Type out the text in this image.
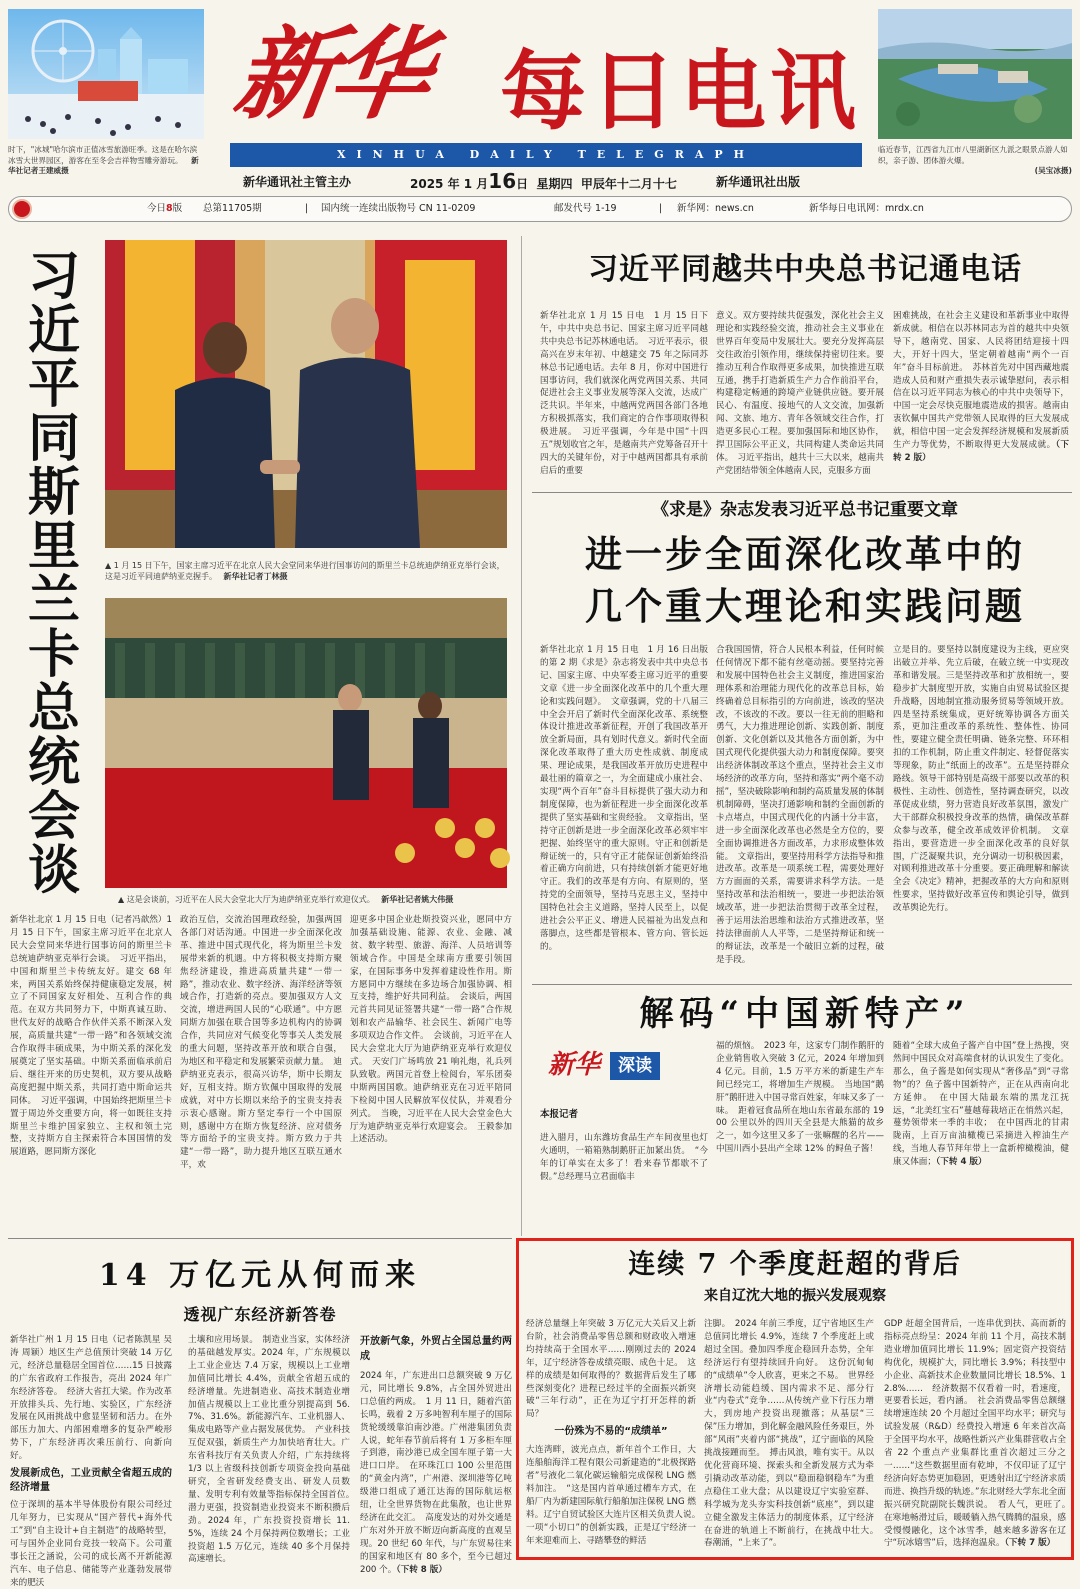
时下，"冰城"哈尔滨市正值冰雪旅游旺季。这是在哈尔滨冰雪大世界园区，游客在至冬会吉祥物雪雕旁游玩。 新华社记者王建威摄
新华 每日电讯
XINHUA DAILY TELEGRAPH	临近春节，江西省九江市八里湖新区九派之眼景点游人如织，亲子游、团体游火爆。
(吴宝冰摄)
新华通讯社主管主办	2025 年 1 月16日  星期四  甲辰年十二月十七	新华通讯社出版
今日8版 总第11705期	| 国内统一连续出版物号 CN 11-0209	邮发代号 1-19	| 新华网：news.cn	新华每日电讯网：mrdx.cn
习近平同斯里兰卡总统会谈
▲ 1 月 15 日下午，国家主席习近平在北京人民大会堂同来华进行国事访问的斯里兰卡总统迪萨纳亚克举行会谈，这是习近平同迪萨纳亚克握手。 新华社记者丁林摄
▲ 这是会谈前，习近平在人民大会堂北大厅为迪萨纳亚克举行欢迎仪式。 新华社记者姚大伟摄
新华社北京 1 月 15 日电（记者冯歆然）1 月 15 日下午，国家主席习近平在北京人民大会堂同来华进行国事访问的斯里兰卡总统迪萨纳亚克举行会谈。　习近平指出，中国和斯里兰卡传统友好。建交 68 年来，两国关系始终保持健康稳定发展，树立了不同国家友好相处、互利合作的典范。在双方共同努力下，中斯真诚互助、世代友好的战略合作伙伴关系不断深入发展，高质量共建“一带一路”和各领域交流合作取得丰硕成果，为中斯关系的深化发展奠定了坚实基础。中斯关系面临承前启后、继往开来的历史契机，双方要从战略高度把握中斯关系，共同打造中斯命运共同体。　习近平强调，中国始终把斯里兰卡置于周边外交重要方向，将一如既往支持斯里兰卡维护国家独立、主权和领土完整，支持斯方自主探索符合本国国情的发展道路，愿同斯方深化
政治互信，交流治国理政经验，加强两国各部门对话沟通。中国进一步全面深化改革、推进中国式现代化，将为斯里兰卡发展带来新的机遇。中方将积极支持斯方聚焦经济建设，推进高质量共建“一带一路”，推动农业、数字经济、海洋经济等领域合作，打造新的亮点。要加强双方人文交流，增进两国人民的“心联通”。中方愿同斯方加强在联合国等多边机构内的协调合作，共同应对气候变化等事关人类发展的重大问题，坚持改革开放和联合自强，为地区和平稳定和发展繁荣贡献力量。　迪萨纳亚克表示，很高兴访华，斯中长期友好，互相支持。斯方钦佩中国取得的发展成就，对中方长期以来给予的宝贵支持表示衷心感谢。斯方坚定奉行一个中国原则，感谢中方在斯方恢复经济、应对债务等方面给予的宝贵支持。斯方致力于共建“一带一路”，助力提升地区互联互通水平，欢
迎更多中国企业赴斯投资兴业，愿同中方加强基础设施、能源、农业、金融、减贫、数字转型、旅游、海洋、人员培训等领域合作。中国是全球南方重要引领国家，在国际事务中发挥着建设性作用。斯方愿同中方继续在多边场合加强协调、相互支持，维护好共同利益。　会谈后，两国元首共同见证签署共建“一带一路”合作规划和农产品输华、社会民生、新闻广电等多项双边合作文件。　会谈前，习近平在人民大会堂北大厅为迪萨纳亚克举行欢迎仪式。　天安门广场鸣放 21 响礼炮，礼兵列队致敬。两国元首登上检阅台，军乐团奏中斯两国国歌。迪萨纳亚克在习近平陪同下检阅中国人民解放军仪仗队，并观看分列式。　当晚，习近平在人民大会堂金色大厅为迪萨纳亚克举行欢迎宴会。　王毅参加上述活动。
习近平同越共中央总书记通电话
新华社北京 1 月 15 日电　1 月 15 日下午，中共中央总书记、国家主席习近平同越共中央总书记苏林通电话。　习近平表示，很高兴在岁末年初、中越建交 75 年之际同苏林总书记通电话。去年 8 月，你对中国进行国事访问，我们就深化两党两国关系、共同促进社会主义事业发展等深入交流，达成广泛共识。半年来，中越两党两国各部门各地方积极抓落实，我们商定的合作事项取得积极进展。　习近平强调，今年是中国“十四五”规划收官之年，是越南共产党筹备召开十四大的关键年份，对于中越两国都具有承前启后的重要
意义。双方要持续共促强发，深化社会主义理论和实践经验交流，推动社会主义事业在世界百年变局中发展壮大。要充分发挥高层交往政治引领作用，继续保持密切往来。要推动互利合作取得更多成果，加快推进互联互通，携手打造新质生产力合作前沿平台，构建稳定畅通的跨境产业链供应链。要开展民心、有温度、接地气的人文交流，加强新闻、文旅、地方、青年各领域交往合作，打造更多民心工程。要加强国际和地区协作，捍卫国际公平正义，共同构建人类命运共同体。　习近平指出，越共十三大以来，越南共产党团结带领全体越南人民，克服多方面
困难挑战，在社会主义建设和革新事业中取得新成就。相信在以苏林同志为首的越共中央领导下，越南党、国家、人民将团结迎接十四大，开好十四大，坚定朝着越南“两个一百年”奋斗目标前进。　苏林首先对中国西藏地震造成人员和财产重损失表示诚挚慰问，表示相信在以习近平同志为核心的中共中央领导下，中国一定会尽快克服地震造成的损害。越南由衷钦佩中国共产党带领人民取得的巨大发展成就，相信中国一定会发挥经济规模和发展新质生产力等优势，不断取得更大发展成就。（下转 2 版）
《求是》杂志发表习近平总书记重要文章
进一步全面深化改革中的
几个重大理论和实践问题
新华社北京 1 月 15 日电　1 月 16 日出版的第 2 期《求是》杂志将发表中共中央总书记、国家主席、中央军委主席习近平的重要文章《进一步全面深化改革中的几个重大理论和实践问题》。　文章强调，党的十八届三中全会开启了新时代全面深化改革、系统整体设计推进改革新征程，开创了我国改革开放全新局面，具有划时代意义。新时代全面深化改革取得了重大历史性成就、制度成果、理论成果，是我国改革开放历史进程中最壮丽的篇章之一，为全面建成小康社会、实现“两个百年”奋斗目标提供了强大动力和制度保障，也为新征程进一步全面深化改革提供了坚实基础和宝贵经验。　文章指出，坚持守正创新是进一步全面深化改革必须牢牢把握、始终坚守的重大原则。守正和创新是辩证统一的，只有守正才能保证创新始终沿着正确方向前进，只有持续创新才能更好地守正。我们的改革是有方向、有原则的，坚持党的全面领导，坚持马克思主义，坚持中国特色社会主义道路，坚持人民至上，以促进社会公平正义、增进人民福祉为出发点和落脚点，这些都是管根本、管方向、管长远的。
合我国国情，符合人民根本利益，任何时候任何情况下都不能有丝毫动摇。要坚持完善和发展中国特色社会主义制度，推进国家治理体系和治理能力现代化的改革总目标，始终确着总目标指引的方向前进，该改的坚决改，不该改的不改。要以一往无前的胆略和勇气，大力推进理论创新、实践创新、制度创新、文化创新以及其他各方面创新，为中国式现代化提供强大动力和制度保障。要突出经济体制改革这个重点，坚持社会主义市场经济的改革方向，坚持和落实“两个毫不动摇”，坚决破除影响和制约高质量发展的体制机制障碍，坚决打通影响和制约全面创新的卡点堵点，中国式现代化的内涵十分丰富，进一步全面深化改革也必然是全方位的，要全面协调推进各方面改革，力求形成整体效能。　文章指出，要坚持用科学方法指导和推进改革。改革是一项系统工程，需要处理好方方面面的关系，需要讲求科学方法。一是坚持改革和法治相统一，要进一步把法治领域改革，进一步把法治贯彻于改革全过程，善于运用法治思维和法治方式推进改革，坚持法律面前人人平等，二是坚持辩证和统一的辩证法，改革是一个破旧立新的过程，破是手段。
立是目的。要坚持以制度建设为主线，更应突出破立并举、先立后破，在破立统一中实现改革和谐发展。三是坚持改革和扩放相统一，要稳步扩大制度型开放，实施自由贸易试验区提升战略，因地制宜推动服务贸易等领域开放。四是坚持系统集成，更好统筹协调各方面关系，更加注重改革的系统性、整体性、协同性，要建立健全责任明确、链条完整、环环相扣的工作机制，防止重文件制定、轻督促落实等现象，防止“纸面上的改革”。五是坚持群众路线。领导干部特别是高级干部要以改革的积极性、主动性、创造性，坚持调查研究，以改革促成业绩，努力营造良好改革氛围，激发广大干部群众积极投身改革的热情，确保改革群众参与改革，健全改革成效评价机制。　文章指出，要营造进一步全面深化改革的良好氛围，广泛凝聚共识，充分调动一切积极因素，对顾利推进改革十分重要。要正确理解和解读全会《决定》精神，把握改革的大方向和原则性要求，坚持做好改革宣传和舆论引导，做到改革舆论先行。
解码“中国新特产”
新华	深读
本报记者
进入腊月，山东潍坊食品生产车间夜里也灯火通明，一箱箱熟制鹅肝正加紧出货。　“今年的订单实在太多了！看来春节都歇不了假。”总经理马立君面临丰
福的烦恼。　2023 年，这家专门制作鹅肝的企业销售收入突破 3 亿元，2024 年增加到 4 亿元。目前，1.5 万平方米的新建生产车间已经完工，将增加生产规模。　当地国“鹅肝”鹅肝进入中国寻常百姓家，年味又多了一味。　距着冠食品所在地山东省最东部的 1900 公里以外的四川天全县是大熊猫的故乡之一，如今这里又多了一张嘛醒的名片——中国川西小县出产全球 12% 的鲟鱼子酱！
随着“全球大成鱼子酱产自中国”登上热搜，突然间中国民众对高端食材的认识发生了变化。那么，鱼子酱是如何实现从“奢侈品”到“寻常物”的？鱼子酱中国新特产，正在从西南向北方延伸。　在中国大陆最东端的黑龙江抚远，“北美红宝石”蔓越莓栽培正在悄然兴起，蔓势领带来一季的丰收；　在中国西北的甘肃陇南，上百万亩油橄榄已采摘进入榨油生产线，当地人春节拜年带上一盒新榨橄榄油，健康又体面；（下转 4 版）
14 万亿元从何而来
透视广东经济新答卷
新华社广州 1 月 15 日电（记者陈凯星 吴涛 周颖）地区生产总值预计突破 14 万亿元，经济总量稳居全国首位……15 日披露的广东省政府工作报告，亮出 2024 年广东经济答卷。　经济大省扛大梁。作为改革开放排头兵、先行地、实验区，广东经济发展在风雨挑战中愈显坚韧和活力。在外部压力加大、内部困难增多的复杂严峻形势下，广东经济再次乘压前行、向新向好。
发展新成色，工业贡献全省超五成的经济增量
位于深圳的基本半导体股份有限公司经过几年努力，已实现从“国产替代+海外代工”到“自主设计+自主制造”的战略转型，可与国外企业同台竞技一较高下。公司董事长汪之涵说，公司的成长离不开新能源汽车、电子信息、储能等产业蓬勃发展带来的肥沃
土壤和应用场景。　制造业当家，实体经济的基础越发厚实。2024 年，广东规模以上工业企业达 7.4 万家，规模以上工业增加值同比增长 4.4%，贡献全省超五成的经济增量。先进制造业、高技术制造业增加值占规模以上工业比重分别提高到 56.7%、31.6%。新能源汽车、工业机器人、集成电路等产业占据发展优势。　产业科技互促双强，新质生产力加快培育壮大。广东省科技厅有关负责人介绍，广东持续将 1/3 以上省级科技创新专项资金投向基础研究，全省研发经费支出、研发人员数量、发明专利有效量等指标保持全国首位。　潜力更强，投资制造业投资来不断积攒后劲。2024 年，广东投资投资增长 11.5%，连续 24 个月保持两位数增长；工业投资超 1.5 万亿元，连续 40 多个月保持高速增长。
开放新气象，外贸占全国总量约两成
2024 年，广东进出口总额突破 9 万亿元，同比增长 9.8%，占全国外贸进出口总值约两成。　1 月 11 日，随着汽笛长鸣，载着 2 万多吨智利车厘子的国际货轮缓缓靠泊南沙港。广州港集团负责人说，蛇年春节前后将有 1 万多柜车厘子到港，南沙港已成全国车厘子第一大进口口岸。　在环珠江口 100 公里范围的“黄金内湾”，广州港、深圳港等亿吨级港口组成了通江达海的国际航运枢纽，让全世界货物在此集散，也让世界经济在此交汇。　高度发达的对外交通是广东对外开放不断迈向新高度的直观呈现。20 世纪 60 年代，与广东贸易往来的国家和地区有 80 多个，至今已超过 200 个。（下转 8 版）
连续 7 个季度赶超的背后
来自辽沈大地的振兴发展观察
经济总量继上年突破 3 万亿元大关后又上新台阶，社会消费品零售总额和财政收入增速均持续高于全国水平……刚刚过去的 2024 年，辽宁经济答卷成绩亮眼、成色十足。　这样的成绩是如何取得的？数据背后发生了哪些深刻变化？进程已经过半的全面振兴新突破“三年行动”，正在为辽宁打开怎样的新局？
一份殊为不易的“成绩单”
大连湾畔，波光点点，新年首个工作日，大连船舶海洋工程有限公司新建造的“北极探路者”号液化二氧化碳运输船完成保税 LNG 燃料加注。　“这是国内首单通过槽车方式，在船厂内为新建国际航行船舶加注保税 LNG 燃料。辽宁自贸试验区大连片区相关负责人说。　一项“小切口”的创新实践，正是辽宁经济一年来迎难而上、寻踏攀登的鲜活
注脚。　2024 年前三季度，辽宁省地区生产总值同比增长 4.9%，连续 7 个季度赶上或超过全国。叠加四季度企稳回升态势，全年经济运行有望持续回升向好。　这份沉甸甸的“成绩单”令人欣喜，更来之不易。　世界经济增长动能趋缓、国内需求不足、部分行业“内卷式”竞争……从传统产业下行压力增大，到房地产投资出现撤落；从基层“三保”压力增加，到化解金融风险任务艰巨，外部“风雨”夹着内部“挑战”，辽宁面临的风险挑战接踵而至。　搏击风浪，唯有实干。从以优化营商环境、探索头和全新发展方式为牵引撬动改革动能，到以“稳面稳钢稳车”为重点稳住工业大盘；从以建设辽宁实验室群、科学城为龙头夯实科技创新“底座”，到以建立健全激发主体活力的制度体系，辽宁经济在奋进的轨道上不断前行，在挑战中壮大。　春潮涌，“上来了”。
GDP 赶超全国背后，一连串优到扶、高而新的指标亮点纷呈：2024 年前 11 个月，高技术制造业增加值同比增长 11.9%；固定资产投资结构优化，规模扩大，同比增长 3.9%；科技型中小企业、高新技术企业数量同比增长 18.5%、12.8%……　经济数据不仅看着一时，看速度，更要看长远，看内涵。　社会消费品零售总额继续增速连续 20 个月超过全国平均水平；研究与试验发展（R&D）经费投入增速 6 年来首次高于全国平均水平，战略性新兴产业集群营收占全省 22 个重点产业集群比重首次超过三分之一……“这些数据里面有乾坤，不仅印证了辽宁经济向好态势更加稳固，更透射出辽宁经济求质而进、换挡升级的轨迹。”东北财经大学东北全面振兴研究院副院长魏洪说。　看人气，更旺了。　在寒地畅滑过后，暖暖躺入热气腾腾的温泉，感受慢慢融化，这个冰雪季，越来越多游客在辽宁“玩冰嬉雪”后，选择泡温泉。（下转 7 版）
